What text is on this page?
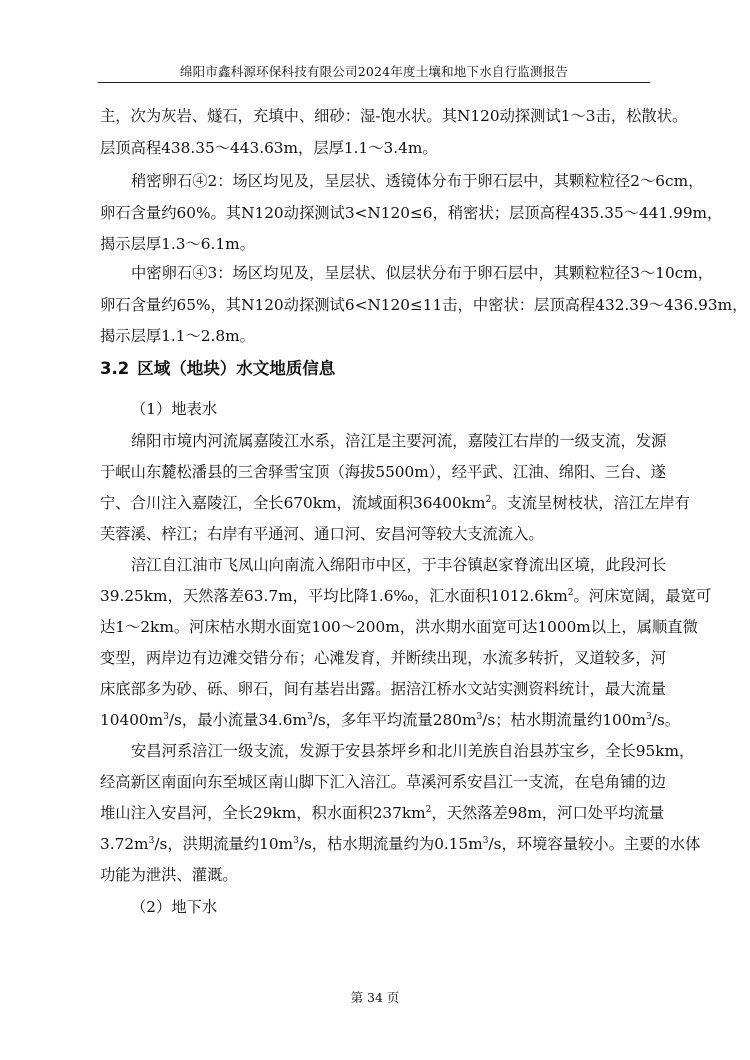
绵阳市鑫科源环保科技有限公司2024年度土壤和地下水自行监测报告
主，次为灰岩、燧石，充填中、细砂：湿-饱水状。其N120动探测试1～3击，松散状。
层顶高程438.35～443.63m，层厚1.1～3.4m。
稍密卵石④2：场区均见及，呈层状、透镜体分布于卵石层中，其颗粒粒径2～6cm，
卵石含量约60%。其N120动探测试3<N120≤6，稍密状；层顶高程435.35～441.99m，
揭示层厚1.3～6.1m。
中密卵石④3：场区均见及，呈层状、似层状分布于卵石层中，其颗粒粒径3～10cm，
卵石含量约65%，其N120动探测试6<N120≤11击，中密状：层顶高程432.39～436.93m，
揭示层厚1.1～2.8m。
3.2 区域（地块）水文地质信息
（1）地表水
绵阳市境内河流属嘉陵江水系，涪江是主要河流，嘉陵江右岸的一级支流，发源
于岷山东麓松潘县的三舍驿雪宝顶（海拔5500m），经平武、江油、绵阳、三台、遂
宁、合川注入嘉陵江，全长670km，流域面积$36400km^2$。支流呈树枝状，涪江左岸有
芙蓉溪、梓江；右岸有平通河、通口河、安昌河等较大支流流入。
涪江自江油市飞凤山向南流入绵阳市中区，于丰谷镇赵家脊流出区境，此段河长
39.25km，天然落差63.7m，平均比降1.6‰，汇水面积$1012.6km^2$。河床宽阔，最宽可
达1～2km。河床枯水期水面宽100～200m，洪水期水面宽可达1000m以上，属顺直微
变型，两岸边有边滩交错分布；心滩发育，并断续出现，水流多转折，叉道较多，河
床底部多为砂、砾、卵石，间有基岩出露。据涪江桥水文站实测资料统计，最大流量
$10400m^3/s$，最小流量$34.6m^3/s$，多年平均流量$280m^3/s$；枯水期流量约$100m^3/s$。
安昌河系涪江一级支流，发源于安县茶坪乡和北川羌族自治县苏宝乡，全长95km，
经高新区南面向东至城区南山脚下汇入涪江。草溪河系安昌江一支流，在皂角铺的边
堆山注入安昌河，全长29km，积水面积$237km^2$，天然落差98m，河口处平均流量
$3.72m^3/s$，洪期流量约$10m^3/s$，枯水期流量约为$0.15m^3/s$，环境容量较小。主要的水体
功能为泄洪、灌溉。
（2）地下水
第 34 页
